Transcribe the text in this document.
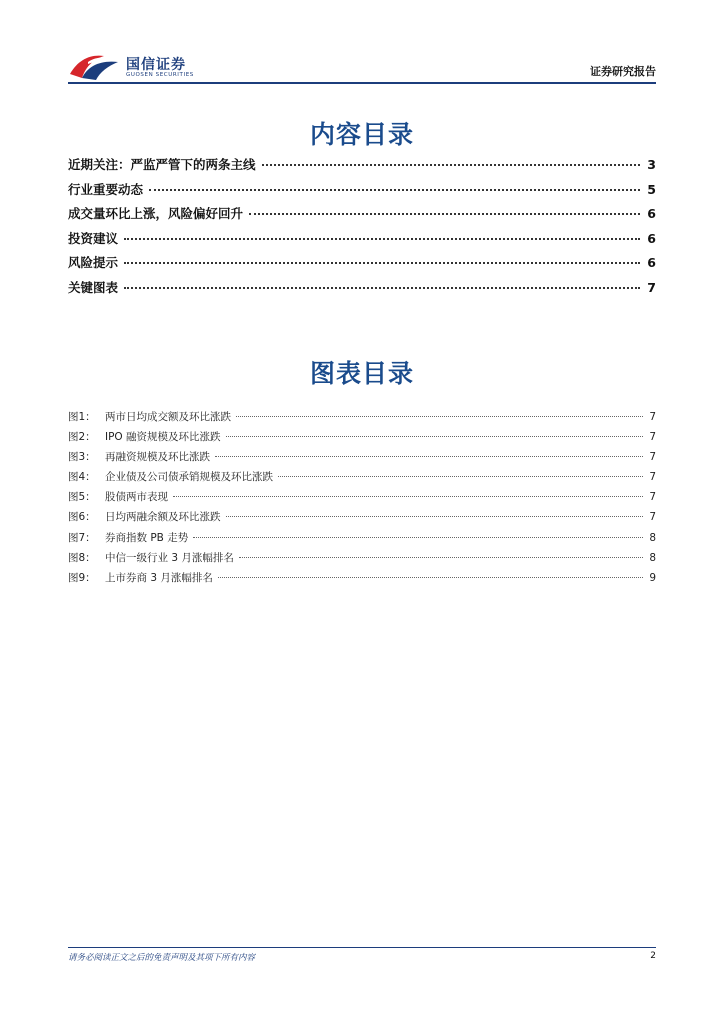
国信证券
GUOSEN SECURITIES	证券研究报告
内容目录
近期关注：严监严管下的两条主线	3
行业重要动态	5
成交量环比上涨，风险偏好回升	6
投资建议	6
风险提示	6
关键图表	7
图表目录
图1： 两市日均成交额及环比涨跌	7
图2： IPO 融资规模及环比涨跌	7
图3： 再融资规模及环比涨跌	7
图4： 企业债及公司债承销规模及环比涨跌	7
图5： 股债两市表现	7
图6： 日均两融余额及环比涨跌	7
图7： 券商指数 PB 走势	8
图8： 中信一级行业 3 月涨幅排名	8
图9： 上市券商 3 月涨幅排名	9
请务必阅读正文之后的免责声明及其项下所有内容	2
